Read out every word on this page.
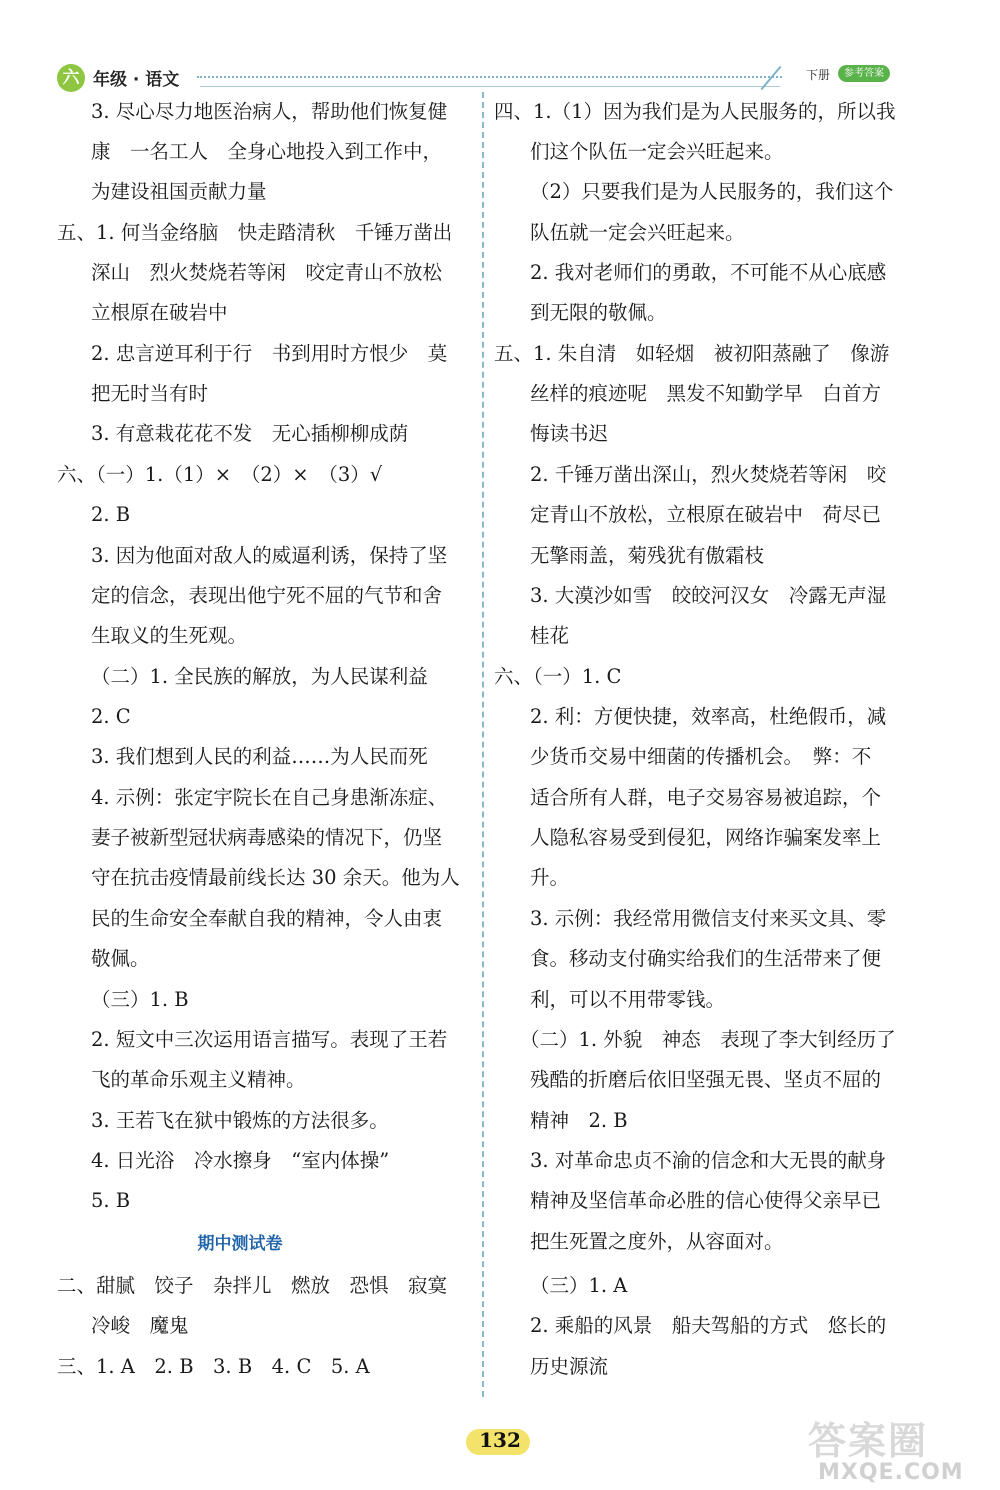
六 年级 · 语文	下册	参考答案
3. 尽心尽力地医治病人，帮助他们恢复健
康　一名工人　全身心地投入到工作中，
为建设祖国贡献力量
五、1. 何当金络脑　快走踏清秋　千锤万凿出
深山　烈火焚烧若等闲　咬定青山不放松
立根原在破岩中
2. 忠言逆耳利于行　书到用时方恨少　莫
把无时当有时
3. 有意栽花花不发　无心插柳柳成荫
六、（一）1.（1）×　（2）×　（3）√
2. B
3. 因为他面对敌人的威逼利诱，保持了坚
定的信念，表现出他宁死不屈的气节和舍
生取义的生死观。
（二）1. 全民族的解放，为人民谋利益
2. C
3. 我们想到人民的利益……为人民而死
4. 示例：张定宇院长在自己身患渐冻症、
妻子被新型冠状病毒感染的情况下，仍坚
守在抗击疫情最前线长达 30 余天。他为人
民的生命安全奉献自我的精神，令人由衷
敬佩。
（三）1. B
2. 短文中三次运用语言描写。表现了王若
飞的革命乐观主义精神。
3. 王若飞在狱中锻炼的方法很多。
4. 日光浴　冷水擦身　“室内体操”
5. B
期中测试卷
二、甜腻　饺子　杂拌儿　燃放　恐惧　寂寞
冷峻　魔鬼
三、1. A　2. B　3. B　4. C　5. A
四、1.（1）因为我们是为人民服务的，所以我
们这个队伍一定会兴旺起来。
（2）只要我们是为人民服务的，我们这个
队伍就一定会兴旺起来。
2. 我对老师们的勇敢，不可能不从心底感
到无限的敬佩。
五、1. 朱自清　如轻烟　被初阳蒸融了　像游
丝样的痕迹呢　黑发不知勤学早　白首方
悔读书迟
2. 千锤万凿出深山，烈火焚烧若等闲　咬
定青山不放松，立根原在破岩中　荷尽已
无擎雨盖，菊残犹有傲霜枝
3. 大漠沙如雪　皎皎河汉女　冷露无声湿
桂花
六、（一）1. C
2. 利：方便快捷，效率高，杜绝假币，减
少货币交易中细菌的传播机会。　弊：不
适合所有人群，电子交易容易被追踪，个
人隐私容易受到侵犯，网络诈骗案发率上
升。
3. 示例：我经常用微信支付来买文具、零
食。移动支付确实给我们的生活带来了便
利，可以不用带零钱。
（二）1. 外貌　神态　表现了李大钊经历了
残酷的折磨后依旧坚强无畏、坚贞不屈的
精神　2. B
3. 对革命忠贞不渝的信念和大无畏的献身
精神及坚信革命必胜的信心使得父亲早已
把生死置之度外，从容面对。
（三）1. A
2. 乘船的风景　船夫驾船的方式　悠长的
历史源流
132	答案圈
MXQE.COM
